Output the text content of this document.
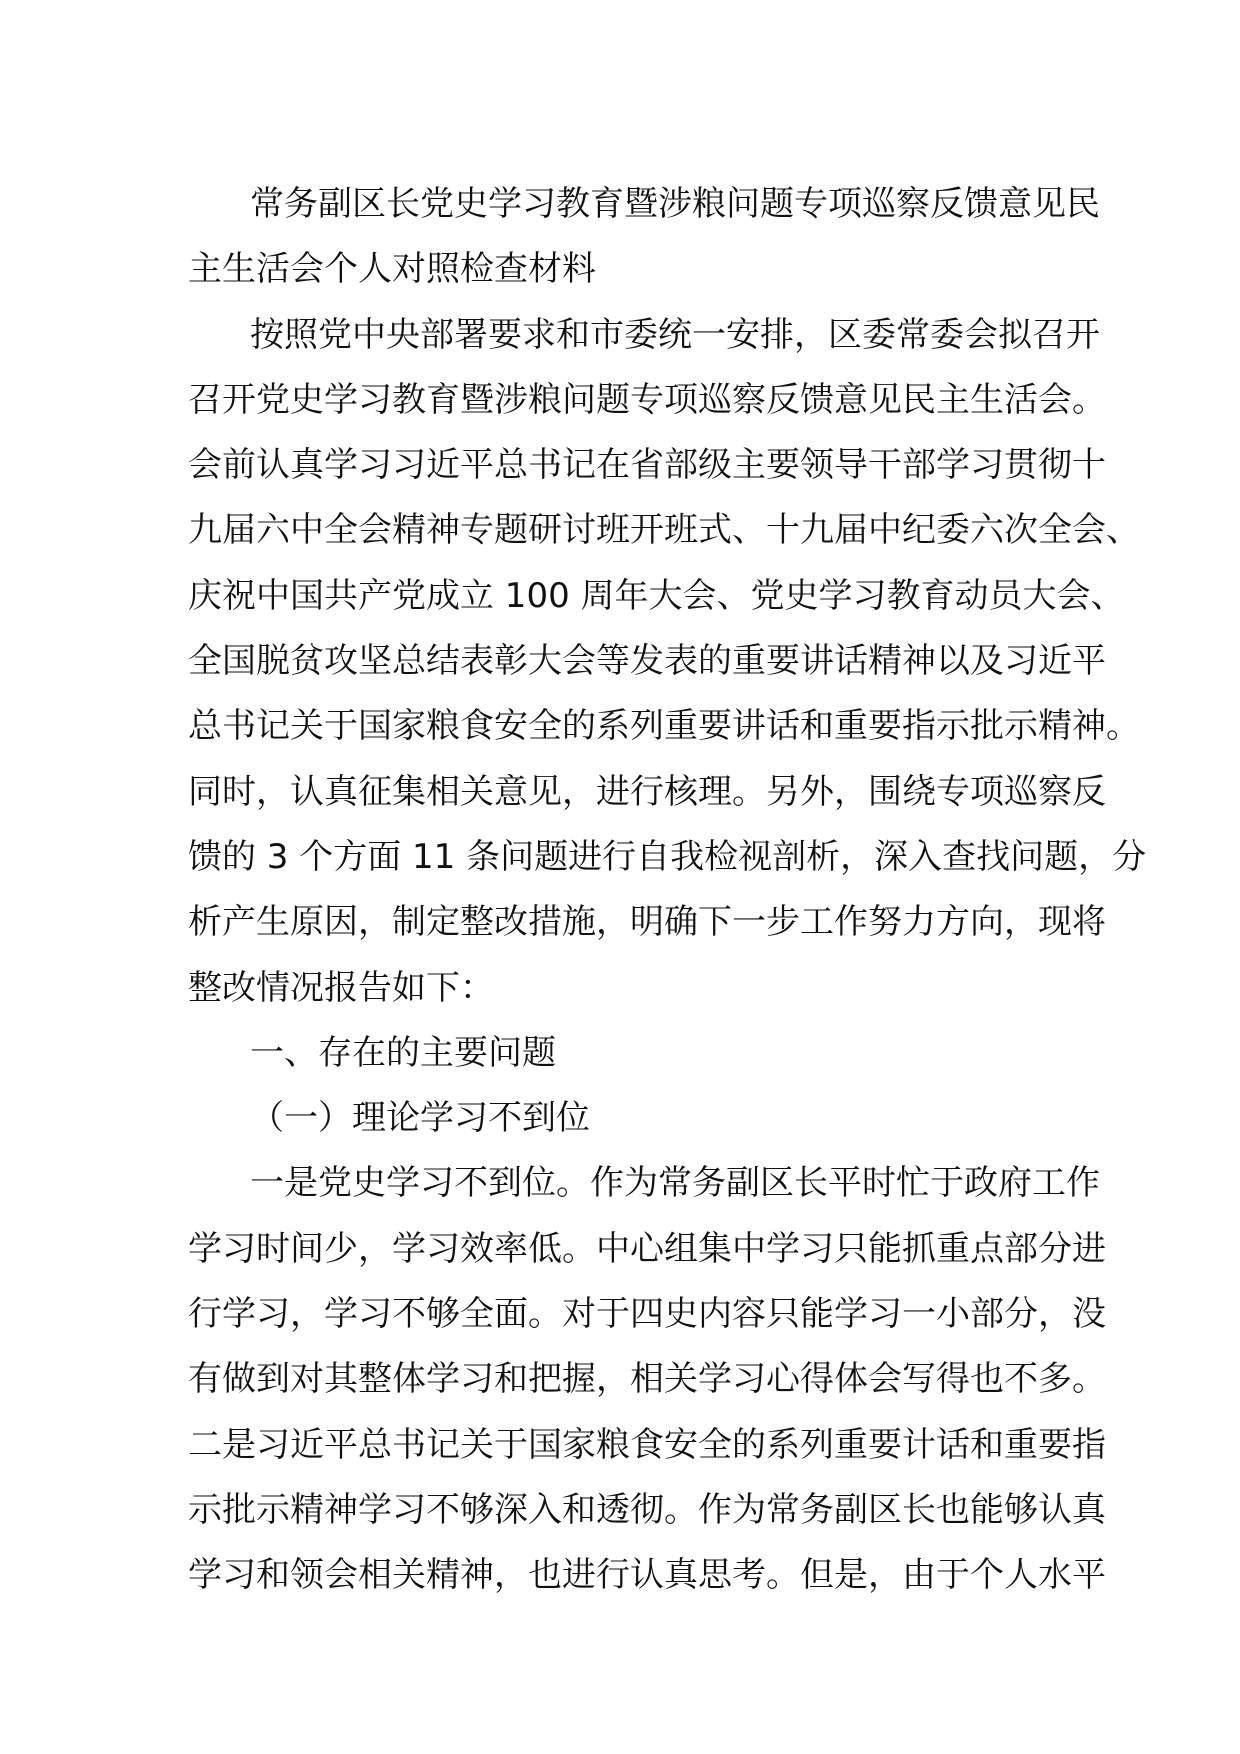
常务副区长党史学习教育暨涉粮问题专项巡察反馈意见民
主生活会个人对照检查材料
按照党中央部署要求和市委统一安排，区委常委会拟召开
召开党史学习教育暨涉粮问题专项巡察反馈意见民主生活会。
会前认真学习习近平总书记在省部级主要领导干部学习贯彻十
九届六中全会精神专题研讨班开班式、十九届中纪委六次全会、
庆祝中国共产党成立 100 周年大会、党史学习教育动员大会、
全国脱贫攻坚总结表彰大会等发表的重要讲话精神以及习近平
总书记关于国家粮食安全的系列重要讲话和重要指示批示精神。
同时，认真征集相关意见，进行核理。另外，围绕专项巡察反
馈的 3 个方面 11 条问题进行自我检视剖析，深入查找问题，分
析产生原因，制定整改措施，明确下一步工作努力方向，现将
整改情况报告如下：
一、存在的主要问题
（一）理论学习不到位
一是党史学习不到位。作为常务副区长平时忙于政府工作
学习时间少，学习效率低。中心组集中学习只能抓重点部分进
行学习，学习不够全面。对于四史内容只能学习一小部分，没
有做到对其整体学习和把握，相关学习心得体会写得也不多。
二是习近平总书记关于国家粮食安全的系列重要计话和重要指
示批示精神学习不够深入和透彻。作为常务副区长也能够认真
学习和领会相关精神，也进行认真思考。但是，由于个人水平
